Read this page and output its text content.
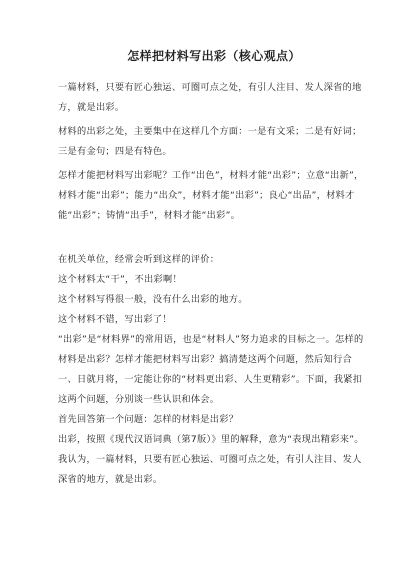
怎样把材料写出彩（核心观点）
一篇材料，只要有匠心独运、可圈可点之处，有引人注目、发人深省的地方，就是出彩。
材料的出彩之处，主要集中在这样几个方面：一是有文采；二是有好词；三是有金句；四是有特色。
怎样才能把材料写出彩呢？工作“出色”，材料才能“出彩”；立意“出新”，材料才能“出彩”；能力“出众”，材料才能“出彩”；良心“出品”，材料才能“出彩”；铸情“出手”，材料才能“出彩”。
在机关单位，经常会听到这样的评价：
这个材料太“干”，不出彩啊！
这个材料写得很一般，没有什么出彩的地方。
这个材料不错，写出彩了！
“出彩”是“材料界”的常用语，也是“材料人”努力追求的目标之一。怎样的材料是出彩？怎样才能把材料写出彩？搞清楚这两个问题，然后知行合一、日就月将，一定能让你的“材料更出彩、人生更精彩”。下面，我紧扣这两个问题，分別谈一些认识和体会。
首先回答第一个问题：怎样的材料是出彩？
出彩，按照《现代汉语词典（第7版）》里的解释，意为“表现出精彩来”。我认为，一篇材料，只要有匠心独运、可圈可点之处，有引人注目、发人深省的地方，就是出彩。
